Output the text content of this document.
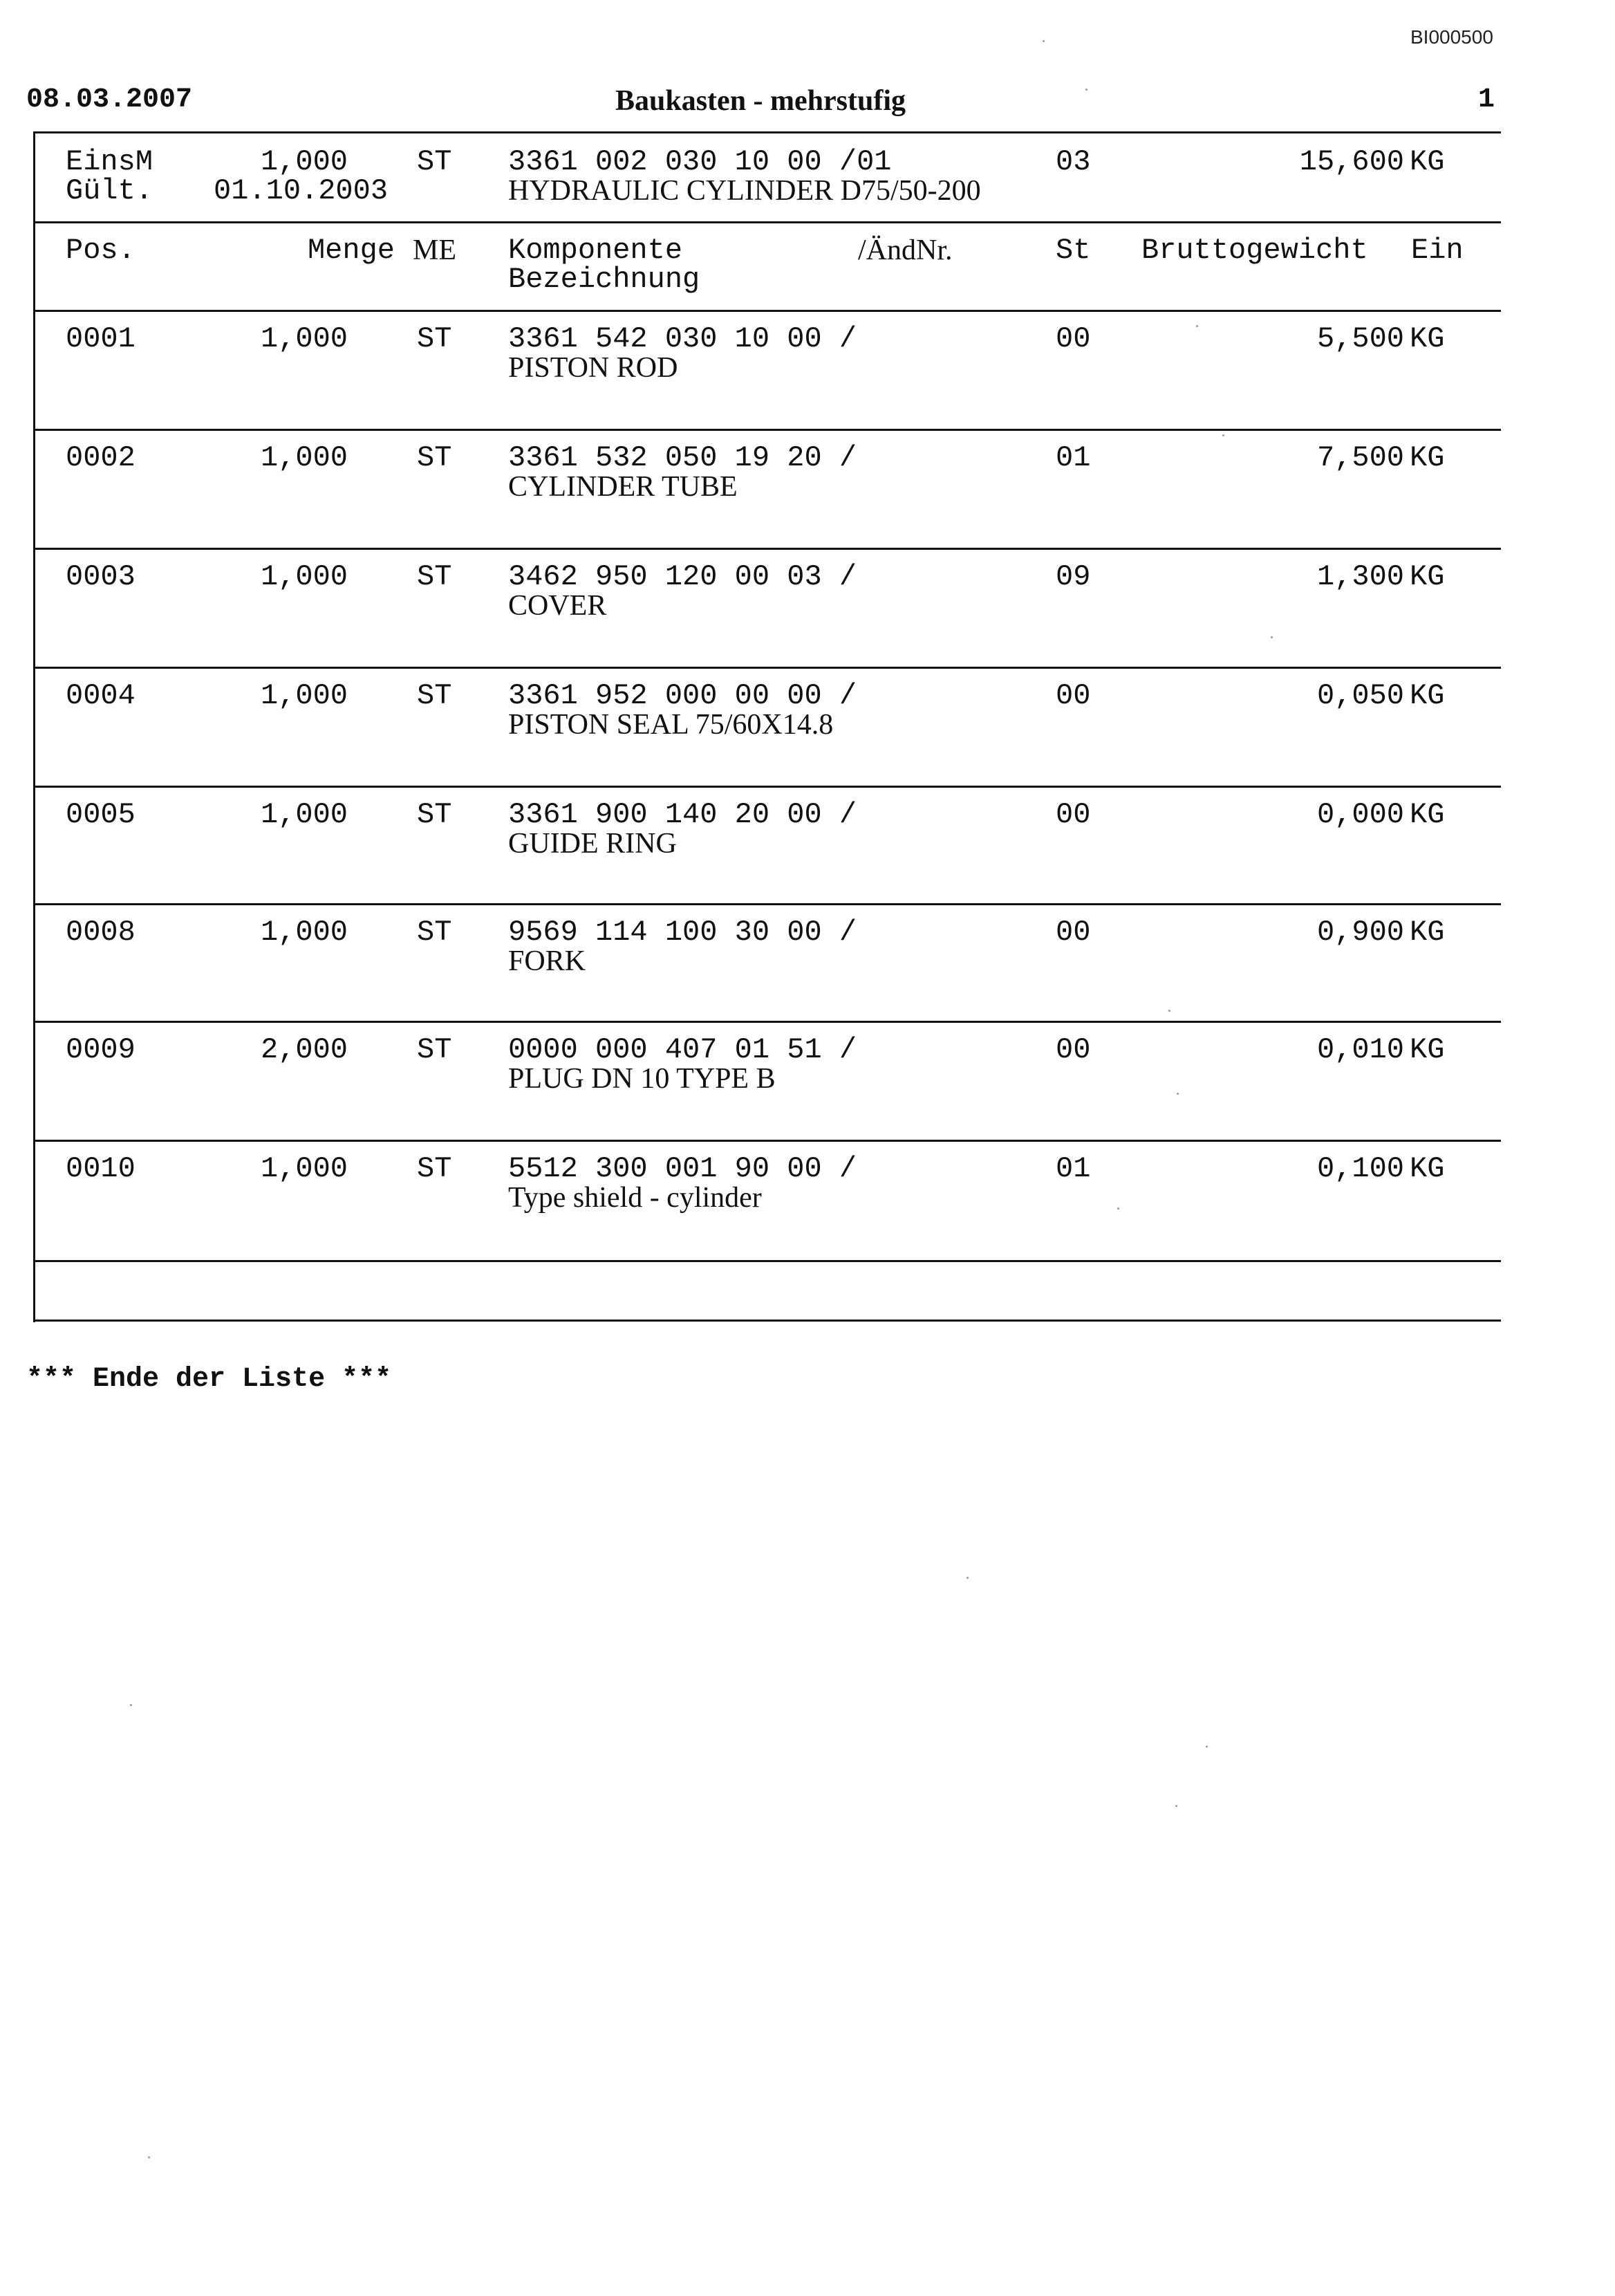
BI000500
08.03.2007	Baukasten - mehrstufig	1
EinsM	1,000 ST 3361 002 030 10 00 /01	03	15,600 KG
Gült. 01.10.2003	HYDRAULIC CYLINDER D75/50-200
Pos.	Menge ME Komponente	/ÄndNr.	St Bruttogewicht Ein
Bezeichnung
0001	1,000 ST 3361 542 030 10 00 /	00	5,500 KG
PISTON ROD
0002	1,000 ST 3361 532 050 19 20 /	01	7,500 KG
CYLINDER TUBE
0003	1,000 ST 3462 950 120 00 03 /	09	1,300 KG
COVER
0004	1,000 ST 3361 952 000 00 00 /	00	0,050 KG
PISTON SEAL 75/60X14.8
0005	1,000 ST 3361 900 140 20 00 /	00	0,000 KG
GUIDE RING
0008	1,000 ST 9569 114 100 30 00 /	00	0,900 KG
FORK
0009	2,000 ST 0000 000 407 01 51 /	00	0,010 KG
PLUG DN 10 TYPE B
0010	1,000 ST 5512 300 001 90 00 /	01	0,100 KG
Type shield - cylinder
*** Ende der Liste ***
